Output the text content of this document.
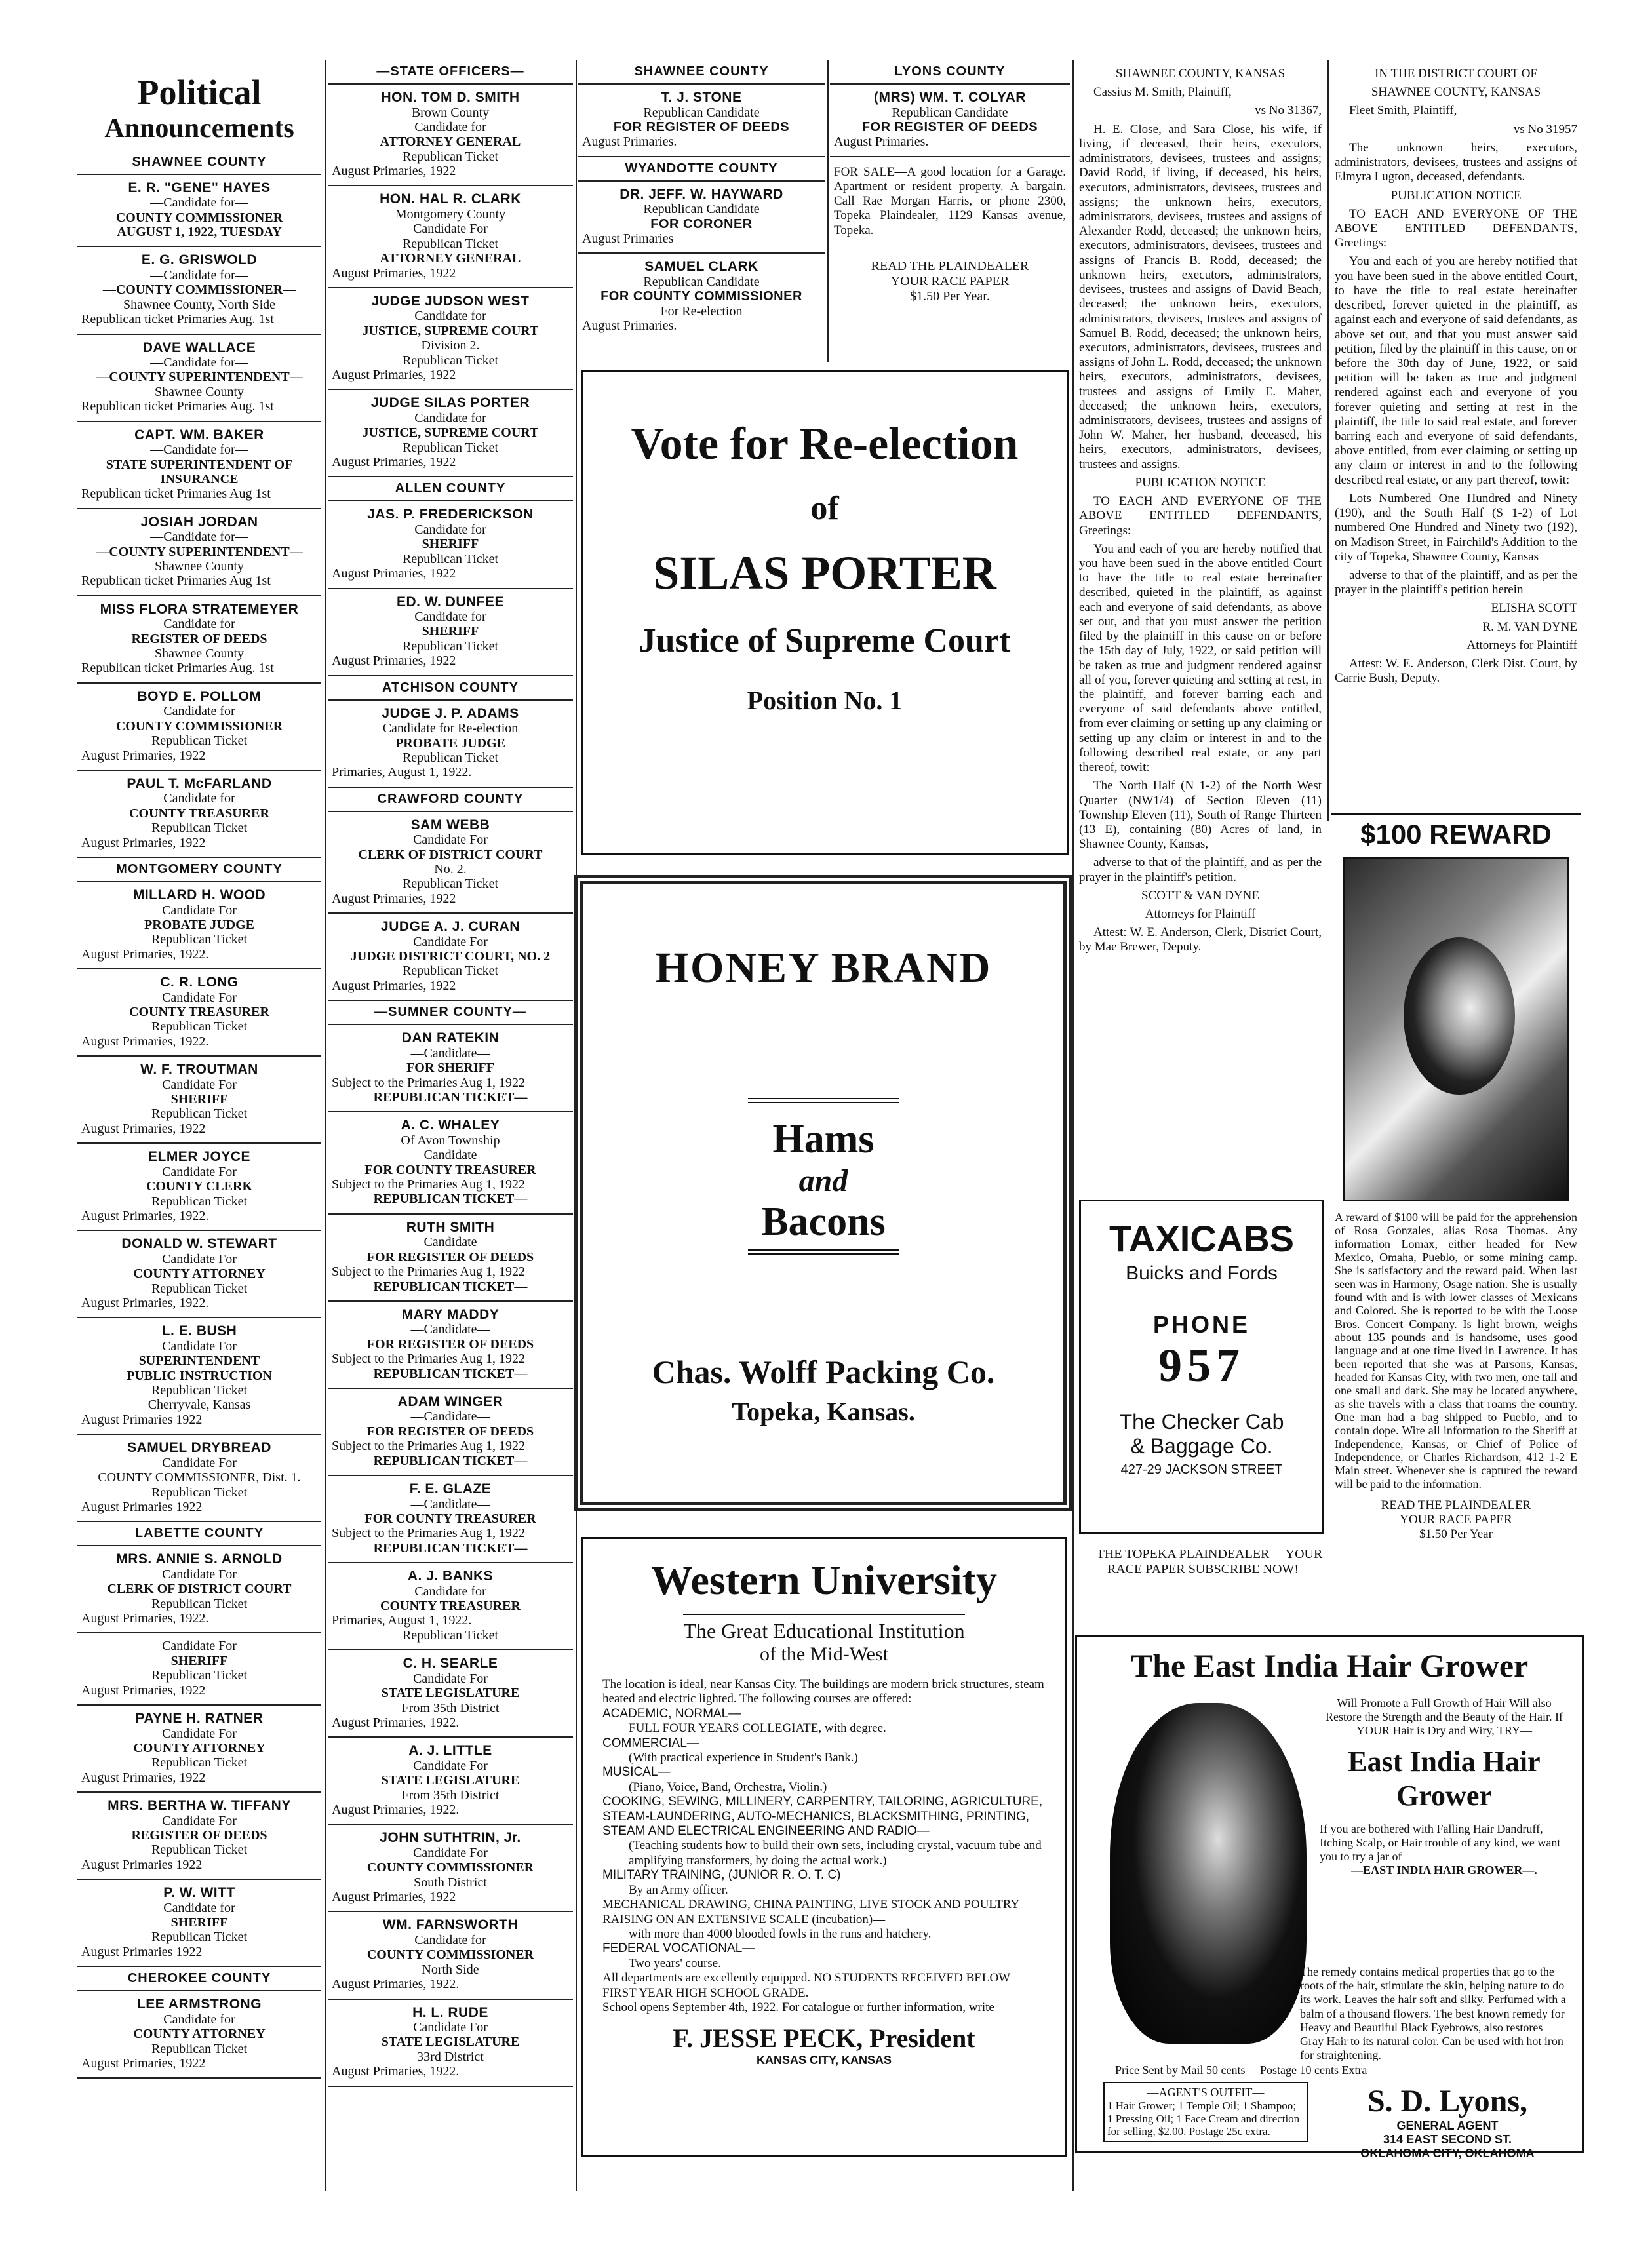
Political
Announcements
SHAWNEE COUNTY
E. R. "GENE" HAYES
—Candidate for—
COUNTY COMMISSIONER
AUGUST 1, 1922, TUESDAY
E. G. GRISWOLD
—Candidate for—
—COUNTY COMMISSIONER—
Shawnee County, North Side
Republican ticket Primaries Aug. 1st
DAVE WALLACE
—Candidate for—
—COUNTY SUPERINTENDENT—
Shawnee County
Republican ticket Primaries Aug. 1st
CAPT. WM. BAKER
—Candidate for—
STATE SUPERINTENDENT OF
INSURANCE
Republican ticket Primaries Aug 1st
JOSIAH JORDAN
—Candidate for—
—COUNTY SUPERINTENDENT—
Shawnee County
Republican ticket Primaries Aug 1st
MISS FLORA STRATEMEYER
—Candidate for—
REGISTER OF DEEDS
Shawnee County
Republican ticket Primaries Aug. 1st
BOYD E. POLLOM
Candidate for
COUNTY COMMISSIONER
Republican Ticket
August Primaries, 1922
PAUL T. McFARLAND
Candidate for
COUNTY TREASURER
Republican Ticket
August Primaries, 1922
MONTGOMERY COUNTY
MILLARD H. WOOD
Candidate For
PROBATE JUDGE
Republican Ticket
August Primaries, 1922.
C. R. LONG
Candidate For
COUNTY TREASURER
Republican Ticket
August Primaries, 1922.
W. F. TROUTMAN
Candidate For
SHERIFF
Republican Ticket
August Primaries, 1922
ELMER JOYCE
Candidate For
COUNTY CLERK
Republican Ticket
August Primaries, 1922.
DONALD W. STEWART
Candidate For
COUNTY ATTORNEY
Republican Ticket
August Primaries, 1922.
L. E. BUSH
Candidate For
SUPERINTENDENT
PUBLIC INSTRUCTION
Republican Ticket
Cherryvale, Kansas
August Primaries 1922
SAMUEL DRYBREAD
Candidate For
COUNTY COMMISSIONER, Dist. 1.
Republican Ticket
August Primaries 1922
LABETTE COUNTY
MRS. ANNIE S. ARNOLD
Candidate For
CLERK OF DISTRICT COURT
Republican Ticket
August Primaries, 1922.
Candidate For
SHERIFF
Republican Ticket
August Primaries, 1922
PAYNE H. RATNER
Candidate For
COUNTY ATTORNEY
Republican Ticket
August Primaries, 1922
MRS. BERTHA W. TIFFANY
Candidate For
REGISTER OF DEEDS
Republican Ticket
August Primaries 1922
P. W. WITT
Candidate for
SHERIFF
Republican Ticket
August Primaries 1922
CHEROKEE COUNTY
LEE ARMSTRONG
Candidate for
COUNTY ATTORNEY
Republican Ticket
August Primaries, 1922
—STATE OFFICERS—
HON. TOM D. SMITH
Brown County
Candidate for
ATTORNEY GENERAL
Republican Ticket
August Primaries, 1922
HON. HAL R. CLARK
Montgomery County
Candidate For
Republican Ticket
ATTORNEY GENERAL
August Primaries, 1922
JUDGE JUDSON WEST
Candidate for
JUSTICE, SUPREME COURT
Division 2.
Republican Ticket
August Primaries, 1922
JUDGE SILAS PORTER
Candidate for
JUSTICE, SUPREME COURT
Republican Ticket
August Primaries, 1922
ALLEN COUNTY
JAS. P. FREDERICKSON
Candidate for
SHERIFF
Republican Ticket
August Primaries, 1922
ED. W. DUNFEE
Candidate for
SHERIFF
Republican Ticket
August Primaries, 1922
ATCHISON COUNTY
JUDGE J. P. ADAMS
Candidate for Re-election
PROBATE JUDGE
Republican Ticket
Primaries, August 1, 1922.
CRAWFORD COUNTY
SAM WEBB
Candidate For
CLERK OF DISTRICT COURT
No. 2.
Republican Ticket
August Primaries, 1922
JUDGE A. J. CURAN
Candidate For
JUDGE DISTRICT COURT, NO. 2
Republican Ticket
August Primaries, 1922
—SUMNER COUNTY—
DAN RATEKIN
—Candidate—
FOR SHERIFF
Subject to the Primaries Aug 1, 1922
REPUBLICAN TICKET—
A. C. WHALEY
Of Avon Township
—Candidate—
FOR COUNTY TREASURER
Subject to the Primaries Aug 1, 1922
REPUBLICAN TICKET—
RUTH SMITH
—Candidate—
FOR REGISTER OF DEEDS
Subject to the Primaries Aug 1, 1922
REPUBLICAN TICKET—
MARY MADDY
—Candidate—
FOR REGISTER OF DEEDS
Subject to the Primaries Aug 1, 1922
REPUBLICAN TICKET—
ADAM WINGER
—Candidate—
FOR REGISTER OF DEEDS
Subject to the Primaries Aug 1, 1922
REPUBLICAN TICKET—
F. E. GLAZE
—Candidate—
FOR COUNTY TREASURER
Subject to the Primaries Aug 1, 1922
REPUBLICAN TICKET—
A. J. BANKS
Candidate for
COUNTY TREASURER
Primaries, August 1, 1922.
Republican Ticket
C. H. SEARLE
Candidate For
STATE LEGISLATURE
From 35th District
August Primaries, 1922.
A. J. LITTLE
Candidate For
STATE LEGISLATURE
From 35th District
August Primaries, 1922.
JOHN SUTHTRIN, Jr.
Candidate For
COUNTY COMMISSIONER
South District
August Primaries, 1922
WM. FARNSWORTH
Candidate for
COUNTY COMMISSIONER
North Side
August Primaries, 1922.
H. L. RUDE
Candidate For
STATE LEGISLATURE
33rd District
August Primaries, 1922.
SHAWNEE COUNTY
T. J. STONE
Republican Candidate
FOR REGISTER OF DEEDS
August Primaries.
WYANDOTTE COUNTY
DR. JEFF. W. HAYWARD
Republican Candidate
FOR CORONER
August Primaries
SAMUEL CLARK
Republican Candidate
FOR COUNTY COMMISSIONER
For Re-election
August Primaries.
LYONS COUNTY
(MRS) WM. T. COLYAR
Republican Candidate
FOR REGISTER OF DEEDS
August Primaries.
FOR SALE—A good location for a Garage. Apartment or resident property. A bargain. Call Rae Morgan Harris, or phone 2300, Topeka Plaindealer, 1129 Kansas avenue, Topeka.
READ THE PLAINDEALER
YOUR RACE PAPER
$1.50 Per Year.
Vote for Re-election
of
SILAS PORTER
Justice of Supreme Court
Position No. 1
HONEY BRAND
Hams
and
Bacons
Chas. Wolff Packing Co.
Topeka, Kansas.
Western University
The Great Educational Institution
of the Mid-West
The location is ideal, near Kansas City. The buildings are modern brick structures, steam heated and electric lighted. The following courses are offered:
ACADEMIC, NORMAL—
FULL FOUR YEARS COLLEGIATE, with degree.
COMMERCIAL—
(With practical experience in Student's Bank.)
MUSICAL—
(Piano, Voice, Band, Orchestra, Violin.)
COOKING, SEWING, MILLINERY, CARPENTRY, TAILORING, AGRICULTURE, STEAM-LAUNDERING, AUTO-MECHANICS, BLACKSMITHING, PRINTING, STEAM AND ELECTRICAL ENGINEERING AND RADIO—
(Teaching students how to build their own sets, including crystal, vacuum tube and amplifying transformers, by doing the actual work.)
MILITARY TRAINING, (JUNIOR R. O. T. C)
By an Army officer.
MECHANICAL DRAWING, CHINA PAINTING, LIVE STOCK AND POULTRY RAISING ON AN EXTENSIVE SCALE (incubation)—
with more than 4000 blooded fowls in the runs and hatchery.
FEDERAL VOCATIONAL—
Two years' course.
All departments are excellently equipped. NO STUDENTS RECEIVED BELOW FIRST YEAR HIGH SCHOOL GRADE.
School opens September 4th, 1922. For catalogue or further information, write—
F. JESSE PECK, President
KANSAS CITY, KANSAS

SHAWNEE COUNTY, KANSAS

Cassius M. Smith, Plaintiff,

vs No 31367,

H. E. Close, and Sara Close, his wife, if living, if deceased, their heirs, executors, administrators, devisees, trustees and assigns; David Rodd, if living, if deceased, his heirs, executors, administrators, devisees, trustees and assigns; the unknown heirs, executors, administrators, devisees, trustees and assigns of Alexander Rodd, deceased; the unknown heirs, executors, administrators, devisees, trustees and assigns of Francis B. Rodd, deceased; the unknown heirs, executors, administrators, devisees, trustees and assigns of David Beach, deceased; the unknown heirs, executors, administrators, devisees, trustees and assigns of Samuel B. Rodd, deceased; the unknown heirs, executors, administrators, devisees, trustees and assigns of John L. Rodd, deceased; the unknown heirs, executors, administrators, devisees, trustees and assigns of Emily E. Maher, deceased; the unknown heirs, executors, administrators, devisees, trustees and assigns of John W. Maher, her husband, deceased, his heirs, executors, administrators, devisees, trustees and assigns.

PUBLICATION NOTICE

TO EACH AND EVERYONE OF THE ABOVE ENTITLED DEFENDANTS, Greetings:

You and each of you are hereby notified that you have been sued in the above entitled Court to have the title to real estate hereinafter described, quieted in the plaintiff, as against each and everyone of said defendants, as above set out, and that you must answer the petition filed by the plaintiff in this cause on or before the 15th day of July, 1922, or said petition will be taken as true and judgment rendered against all of you, forever quieting and setting at rest, in the plaintiff, and forever barring each and everyone of said defendants above entitled, from ever claiming or setting up any claiming or setting up any claim or interest in and to the following described real estate, or any part thereof, towit:

The North Half (N 1-2) of the North West Quarter (NW1/4) of Section Eleven (11) Township Eleven (11), South of Range Thirteen (13 E), containing (80) Acres of land, in Shawnee County, Kansas,

adverse to that of the plaintiff, and as per the prayer in the plaintiff's petition.

SCOTT & VAN DYNE

Attorneys for Plaintiff

Attest: W. E. Anderson, Clerk, District Court, by Mae Brewer, Deputy.

IN THE DISTRICT COURT OF

SHAWNEE COUNTY, KANSAS

Fleet Smith, Plaintiff,

vs No 31957

The unknown heirs, executors, administrators, devisees, trustees and assigns of Elmyra Lugton, deceased, defendants.

PUBLICATION NOTICE

TO EACH AND EVERYONE OF THE ABOVE ENTITLED DEFENDANTS, Greetings:

You and each of you are hereby notified that you have been sued in the above entitled Court, to have the title to real estate hereinafter described, forever quieted in the plaintiff, as against each and everyone of said defendants, as above set out, and that you must answer said petition, filed by the plaintiff in this cause, on or before the 30th day of June, 1922, or said petition will be taken as true and judgment rendered against each and everyone of you forever quieting and setting at rest in the plaintiff, the title to said real estate, and forever barring each and everyone of said defendants, above entitled, from ever claiming or setting up any claim or interest in and to the following described real estate, or any part thereof, towit:

Lots Numbered One Hundred and Ninety (190), and the South Half (S 1-2) of Lot numbered One Hundred and Ninety two (192), on Madison Street, in Fairchild's Addition to the city of Topeka, Shawnee County, Kansas

adverse to that of the plaintiff, and as per the prayer in the plaintiff's petition herein

ELISHA SCOTT

R. M. VAN DYNE

Attorneys for Plaintiff

Attest: W. E. Anderson, Clerk Dist. Court, by Carrie Bush, Deputy.

$100 REWARD
A reward of $100 will be paid for the apprehension of Rosa Gonzales, alias Rosa Thomas. Any information Lomax, either headed for New Mexico, Omaha, Pueblo, or some mining camp. She is satisfactory and the reward paid. When last seen was in Harmony, Osage nation. She is usually found with and is with lower classes of Mexicans and Colored. She is reported to be with the Loose Bros. Concert Company. Is light brown, weighs about 135 pounds and is handsome, uses good language and at one time lived in Lawrence. It has been reported that she was at Parsons, Kansas, headed for Kansas City, with two men, one tall and one small and dark. She may be located anywhere, as she travels with a class that roams the country. One man had a bag shipped to Pueblo, and to contain dope. Wire all information to the Sheriff at Independence, Kansas, or Chief of Police of Independence, or Charles Richardson, 412 1-2 E Main street. Whenever she is captured the reward will be paid to the information.
READ THE PLAINDEALER
YOUR RACE PAPER
$1.50 Per Year
TAXICABS
Buicks and Fords
PHONE
957
The Checker Cab
& Baggage Co.
427-29 JACKSON STREET
—THE TOPEKA PLAINDEALER— YOUR RACE PAPER SUBSCRIBE NOW!
The East India Hair Grower
Will Promote a Full Growth of Hair Will also Restore the Strength and the Beauty of the Hair. If YOUR Hair is Dry and Wiry, TRY—
East India Hair
Grower
If you are bothered with Falling Hair Dandruff, Itching Scalp, or Hair trouble of any kind, we want you to try a jar of
—EAST INDIA HAIR GROWER—.
The remedy contains medical properties that go to the roots of the hair, stimulate the skin, helping nature to do its work. Leaves the hair soft and silky. Perfumed with a balm of a thousand flowers. The best known remedy for Heavy and Beautiful Black Eyebrows, also restores Gray Hair to its natural color. Can be used with hot iron for straightening.
—Price Sent by Mail 50 cents— Postage 10 cents Extra
—AGENT'S OUTFIT—
1 Hair Grower; 1 Temple Oil; 1 Shampoo; 1 Pressing Oil; 1 Face Cream and direction for selling, $2.00. Postage 25c extra.
S. D. Lyons,
GENERAL AGENT
314 EAST SECOND ST.
OKLAHOMA CITY, OKLAHOMA
